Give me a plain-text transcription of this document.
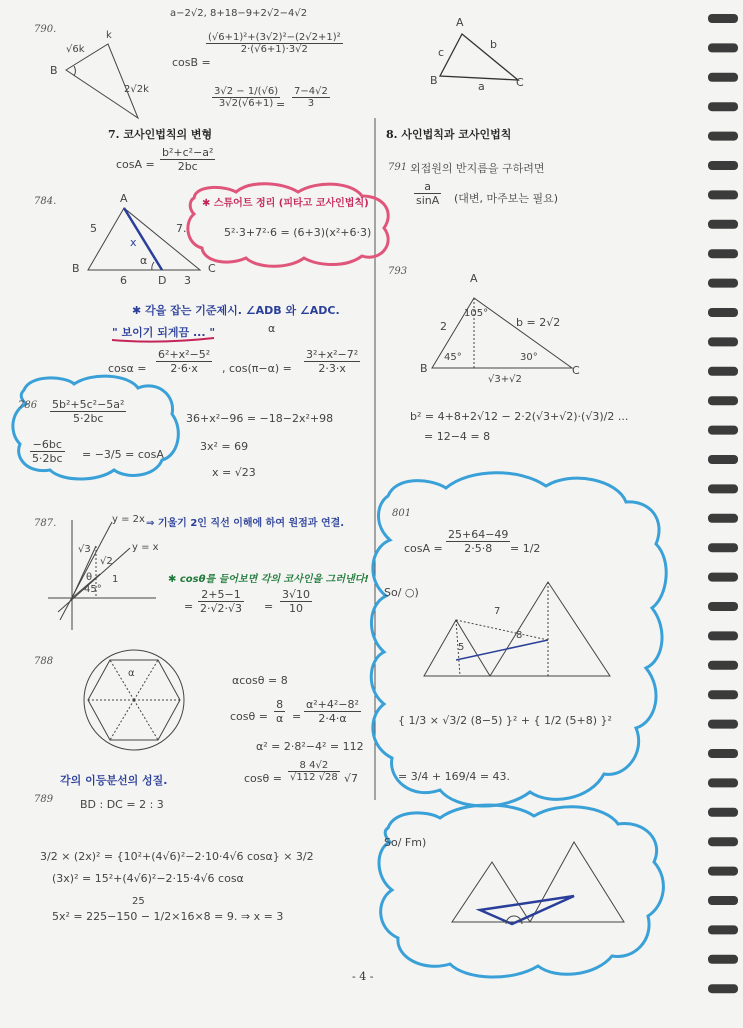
790.
B
√6k
k
2√2k
a−2√2, 8+18−9+2√2−4√2
cosB =
$\frac{\text{(√6+1)²+(3√2)²−(2√2+1)²}}{2\cdot(√6+1)\cdot 3√2}$
$\frac{3√2 - 1/(√6)}{3√2(√6+1)}$
= $\frac{7-4√2}{3}$
A
B	C
a
b
c
7. 코사인법칙의 변형
$\cos A = \frac{\text{b²+c²−a²}}{2bc}$
8. 사인법칙과 코사인법칙
784.	A
B	C
D
5	7.
6	3
x
α
✱ 스튜어트 정리 (피타고 코사인법칙)
5²·3+7²·6 = (6+3)(x²+6·3)
✱ 각을 잡는 기준제시. ∠ADB 와 ∠ADC.
" 보이기 되게끔 ... "	α
$\cos\alpha = \frac{\text{6²+x²−5²}}{2\cdot 6\cdot x}$ , $\cos(\pi-\alpha) = \frac{\text{3²+x²−7²}}{2\cdot 3\cdot x}$
$786 \frac{\text{5b²+5c²−5a²}}{5\cdot 2bc}$
$\frac{-6bc}{5\cdot 2bc} = -3/5 = \cos A$
36+x²−96 = −18−2x²+98
3x² = 69
x = √23
787.	y = 2x
y = x
⇒ 기울기 2인 직선 이해에 하여 원점과 연결.
√3
√2
1
θ
45°
✱ cosθ를 들어보면 각의 코사인을 그러낸다!
= $\frac{2+5-1}{2\cdot√2\cdot√3} = \frac{3√10}{10}$
788
α
αcosθ = 8
$\cos\theta = \frac{8}{\alpha} = \frac{\text{α²+4²−8²}}{2\cdot 4\cdot\alpha}$
α² = 2·8²−4² = 112
$\cos\theta = \frac{8 4√2}{√112 √28} √7$
각의 이등분선의 성질.
789 BD : DC = 2 : 3
3/2 × (2x)² = {10²+(4√6)²−2·10·4√6 cosα} × 3/2
(3x)² = 15²+(4√6)²−2·15·4√6 cosα
25
5x² = 225−150 − 1/2×16×8 = 9. ⇒ x = 3
791 외접원의 반지름을 구하려면
$\frac{a}{\sin A}$ (대변, 마주보는 필요)
793
A
B	C
2	b = 2√2
√3+√2
105°
45°	30°
b² = 4+8+2√12 − 2·2(√3+√2)·(√3)/2 ...
= 12−4 = 8
801
$\cos A = \frac{25+64-49}{2\cdot 5\cdot 8} = 1/2$
So/ ○)
7
5
8
{ 1/3 × √3/2 (8−5) }² + { 1/2 (5+8) }²
= 3/4 + 169/4 = 43.
So/ Fm)
- 4 -
